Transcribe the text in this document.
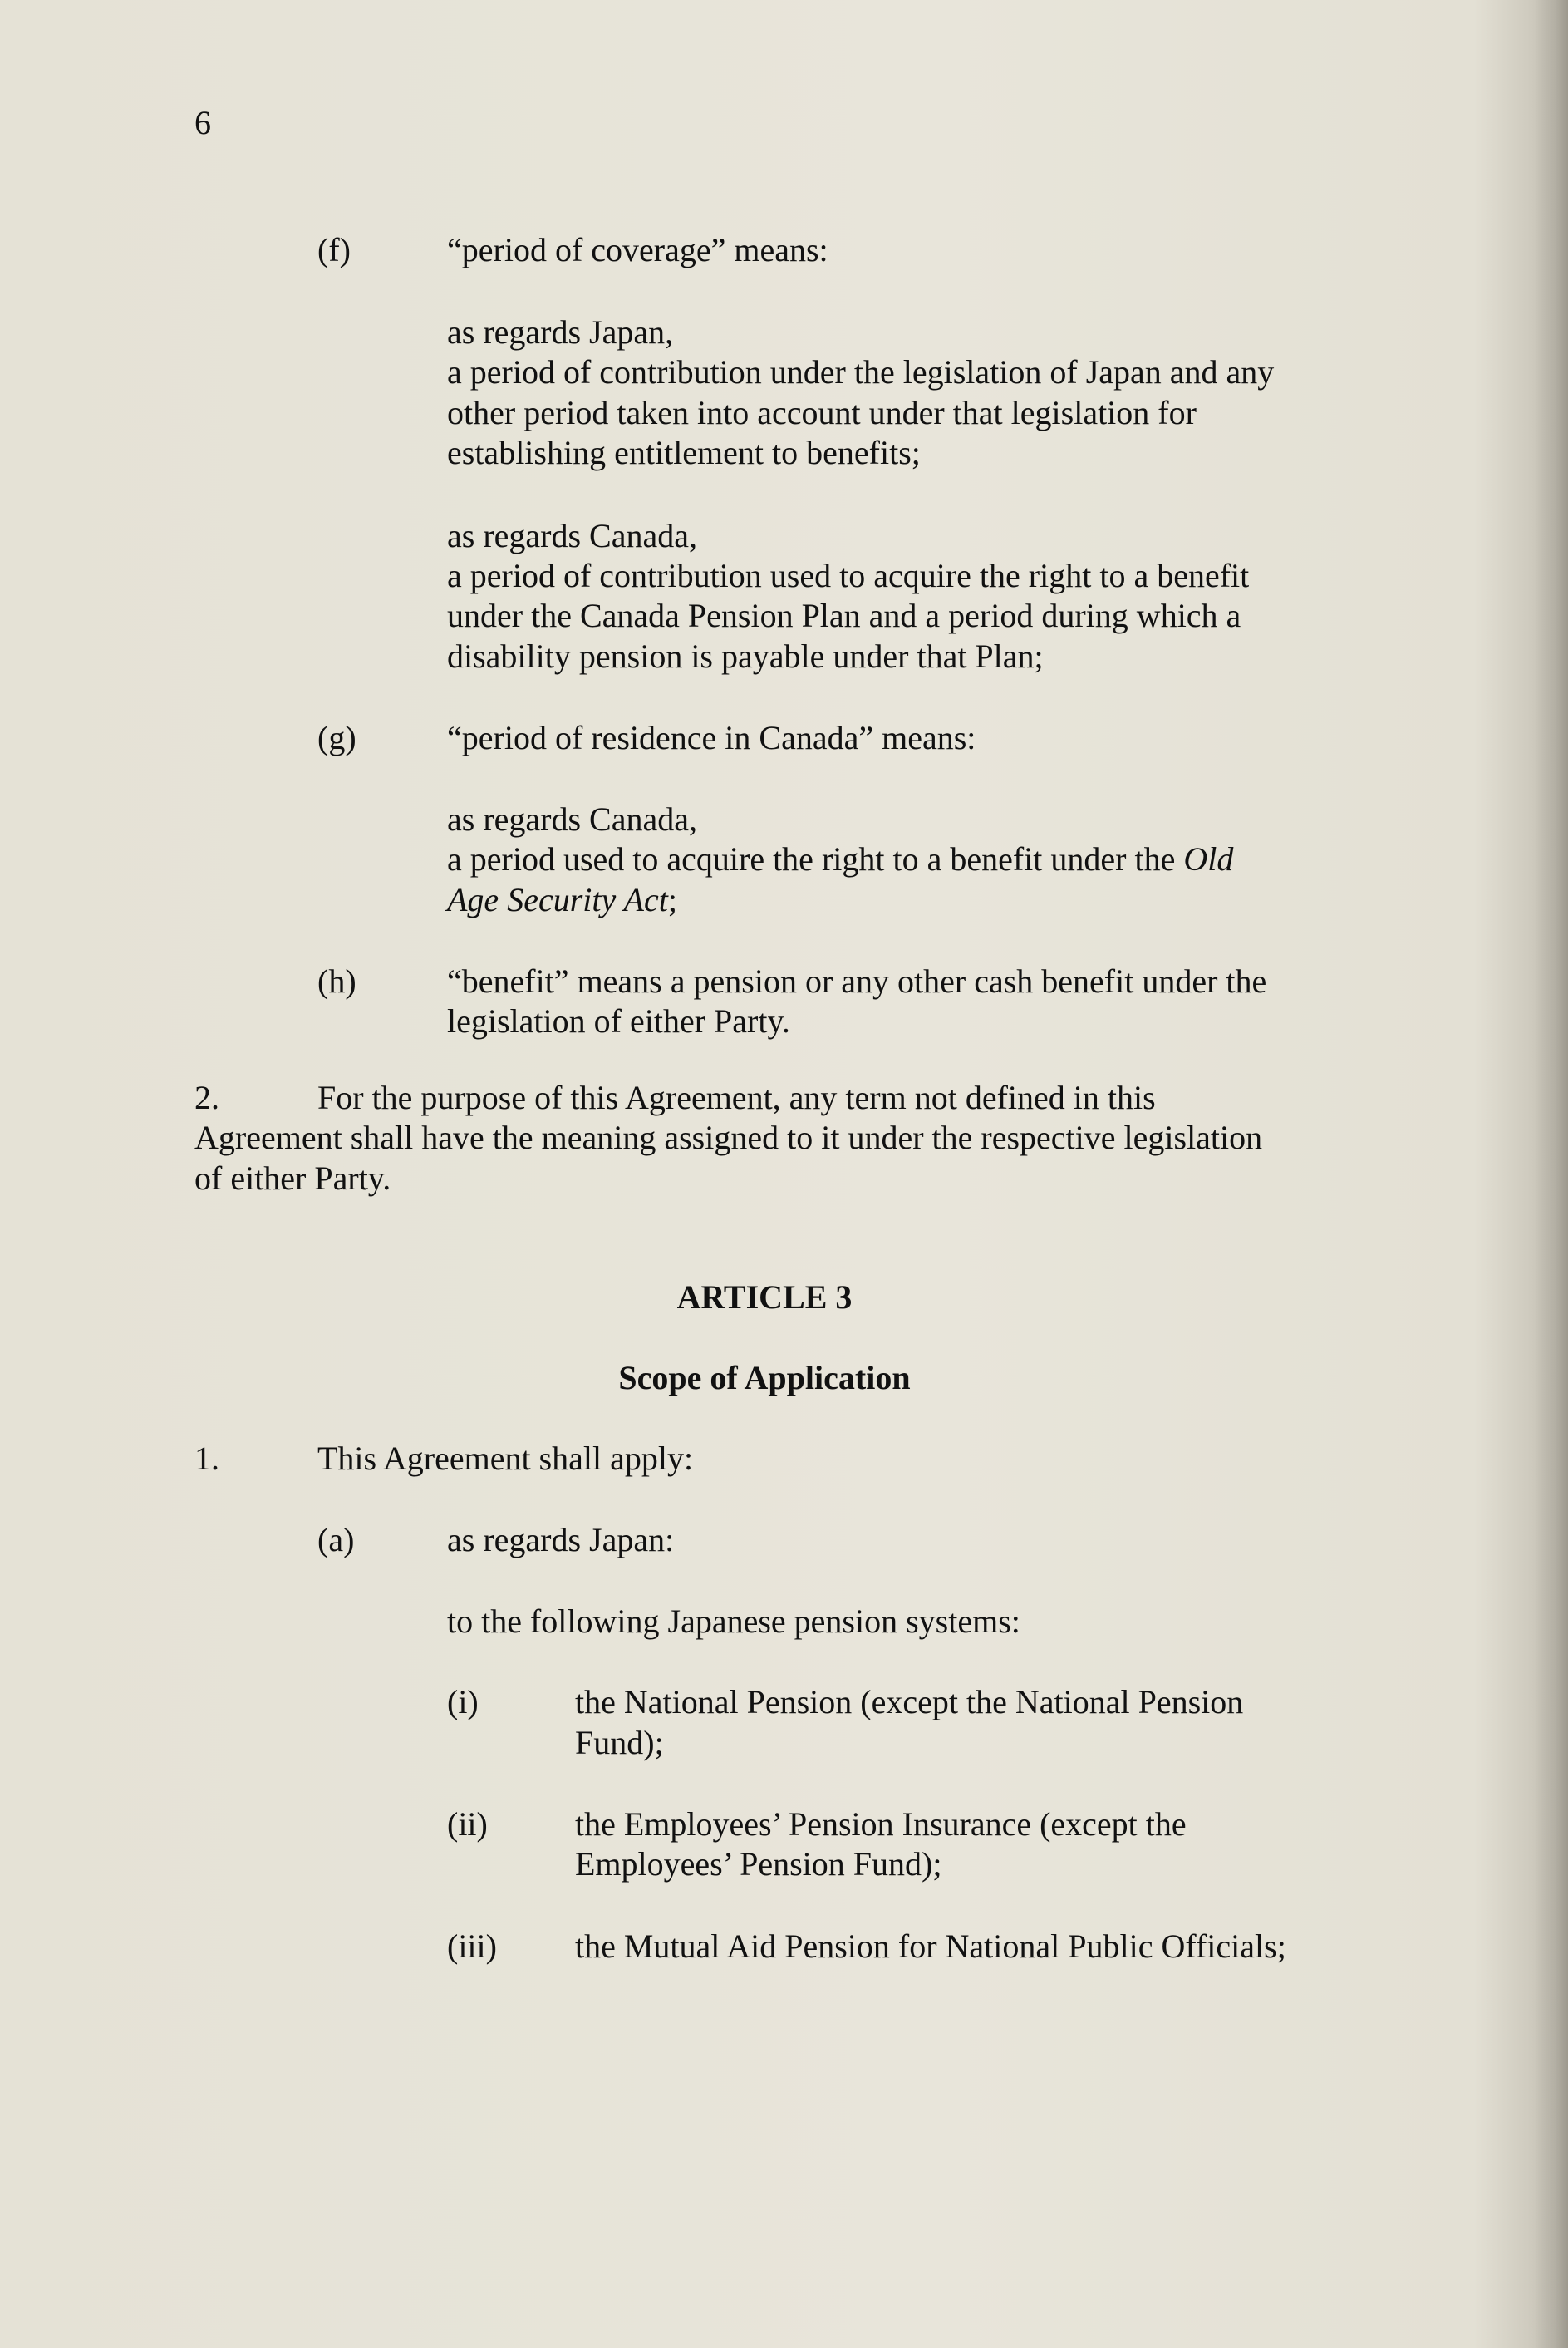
6
(f)	“period of coverage” means:
as regards Japan,
a period of contribution under the legislation of Japan and any
other period taken into account under that legislation for
establishing entitlement to benefits;
as regards Canada,
a period of contribution used to acquire the right to a benefit
under the Canada Pension Plan and a period during which a
disability pension is payable under that Plan;
(g)	“period of residence in Canada” means:
as regards Canada,
a period used to acquire the right to a benefit under the Old
Age Security Act;
(h)	“benefit” means a pension or any other cash benefit under the
legislation of either Party.
2.	For the purpose of this Agreement, any term not defined in this
Agreement shall have the meaning assigned to it under the respective legislation
of either Party.
ARTICLE 3
Scope of Application
1.	This Agreement shall apply:
(a)	as regards Japan:
to the following Japanese pension systems:
(i)	the National Pension (except the National Pension
Fund);
(ii)	the Employees’ Pension Insurance (except the
Employees’ Pension Fund);
(iii) the Mutual Aid Pension for National Public Officials;
